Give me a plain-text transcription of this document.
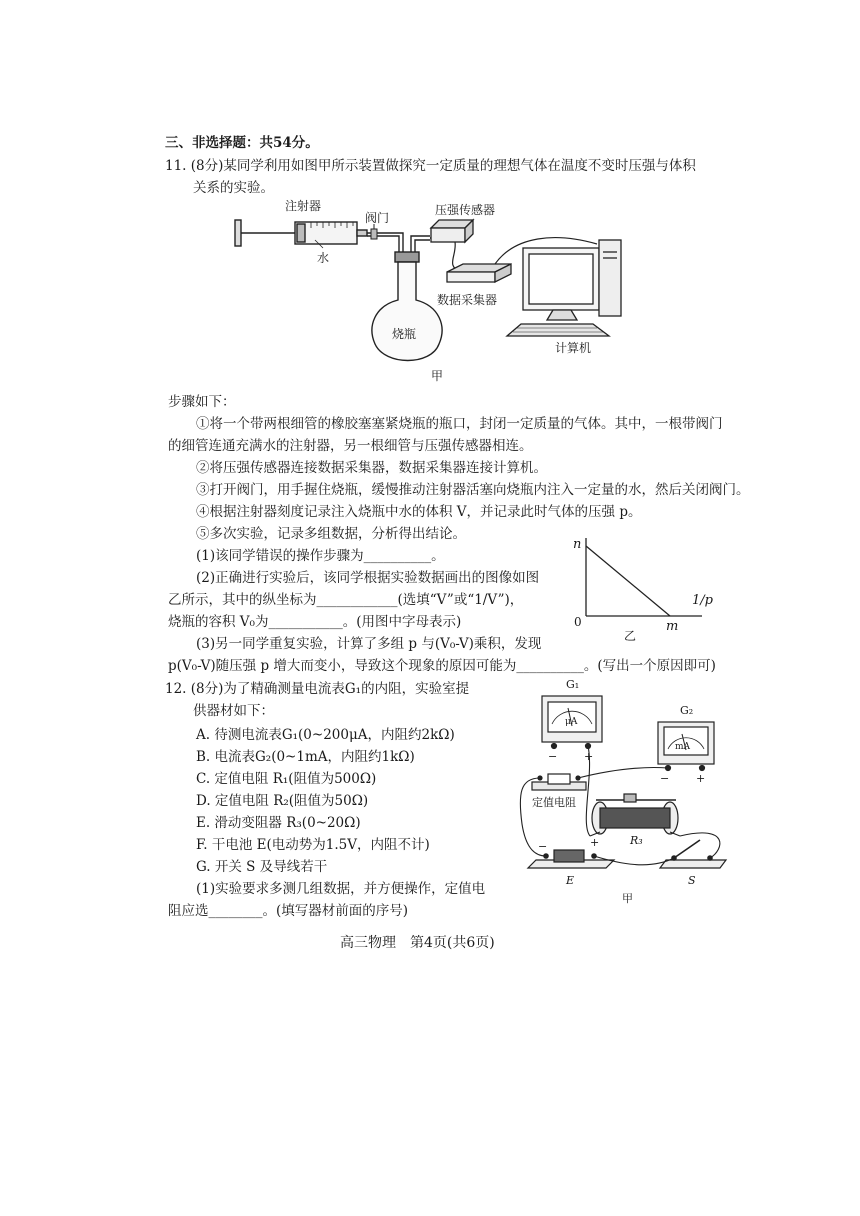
三、非选择题：共54分。
11. (8分)某同学利用如图甲所示装置做探究一定质量的理想气体在温度不变时压强与体积
关系的实验。
注射器
阀门
水
压强传感器
数据采集器
烧瓶
计算机
甲
步骤如下：
①将一个带两根细管的橡胶塞塞紧烧瓶的瓶口，封闭一定质量的气体。其中，一根带阀门
的细管连通充满水的注射器，另一根细管与压强传感器相连。
②将压强传感器连接数据采集器，数据采集器连接计算机。
③打开阀门，用手握住烧瓶，缓慢推动注射器活塞向烧瓶内注入一定量的水，然后关闭阀门。
④根据注射器刻度记录注入烧瓶中水的体积 V，并记录此时气体的压强 p。
⑤多次实验，记录多组数据，分析得出结论。
(1)该同学错误的操作步骤为__________。
(2)正确进行实验后，该同学根据实验数据画出的图像如图
乙所示，其中的纵坐标为____________(选填“V”或“1/V”)，
烧瓶的容积 V₀为___________。(用图中字母表示)
(3)另一同学重复实验，计算了多组 p 与(V₀-V)乘积，发现
p(V₀-V)随压强 p 增大而变小，导致这个现象的原因可能为__________。(写出一个原因即可)
n
0	m
1/p
乙
12. (8分)为了精确测量电流表G₁的内阻，实验室提
供器材如下：
A. 待测电流表G₁(0~200μA，内阻约2kΩ)
B. 电流表G₂(0~1mA，内阻约1kΩ)
C. 定值电阻 R₁(阻值为500Ω)
D. 定值电阻 R₂(阻值为50Ω)
E. 滑动变阻器 R₃(0~20Ω)
F. 干电池 E(电动势为1.5V，内阻不计)
G. 开关 S 及导线若干
(1)实验要求多测几组数据，并方便操作，定值电
阻应选________。(填写器材前面的序号)
μA
G₁
− +
mA
G₂
− +
定值电阻
R₃
−	+
E	S
甲
高三物理　第4页(共6页)
